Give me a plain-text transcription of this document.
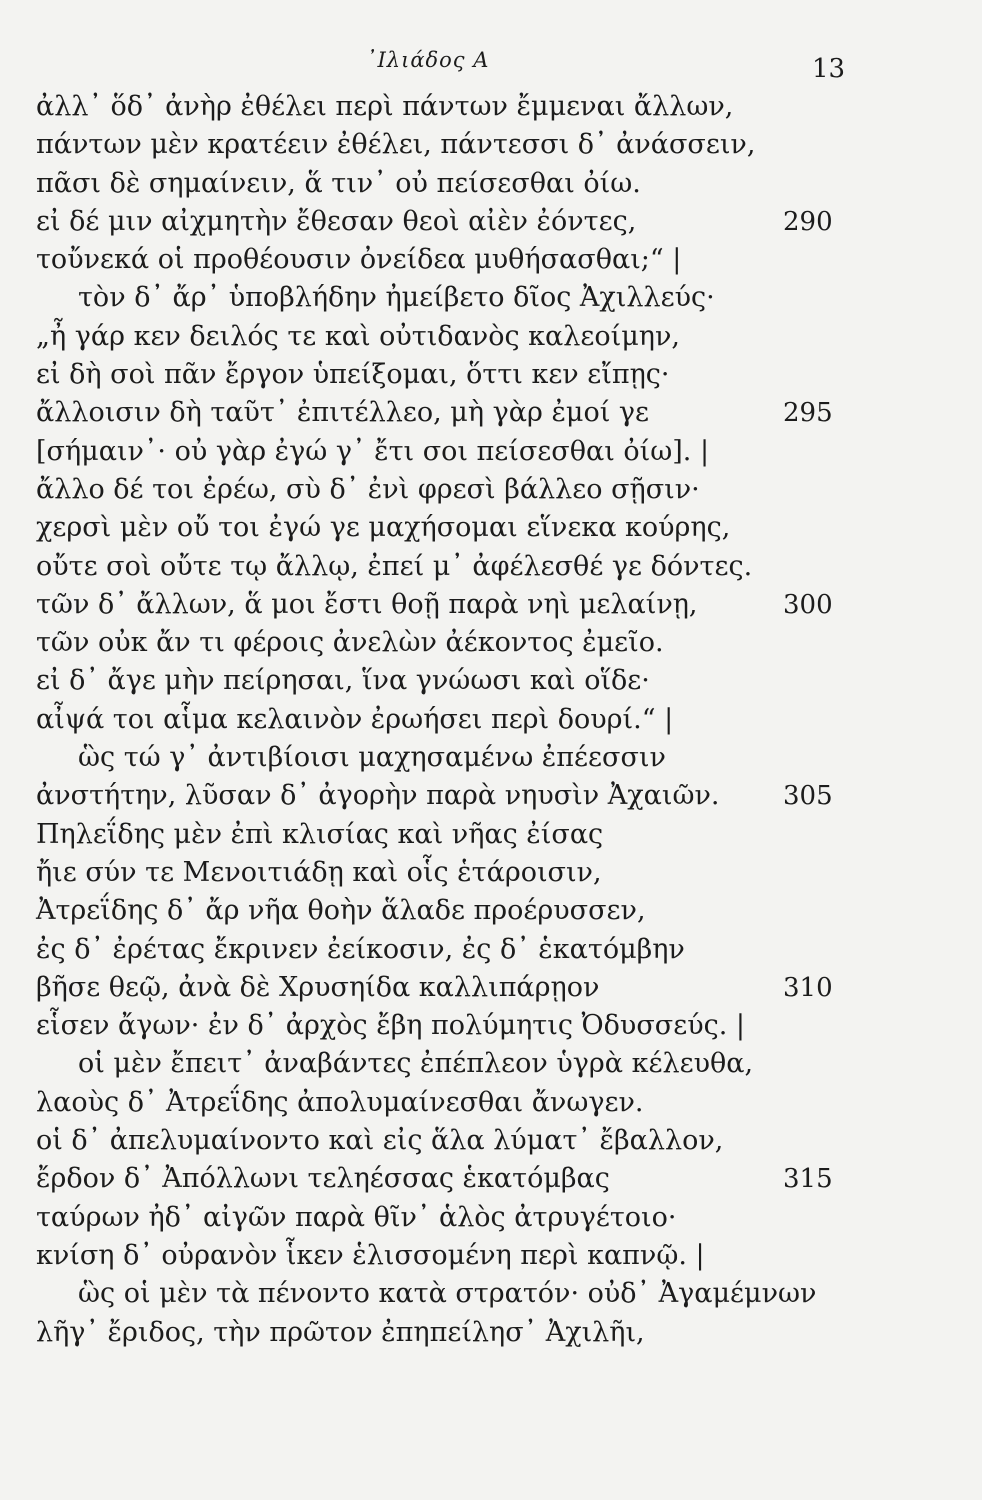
᾿Ιλιάδος Α	13
ἀλλ᾽ ὅδ᾽ ἀνὴρ ἐθέλει περὶ πάντων ἔμμεναι ἄλλων,
πάντων μὲν κρατέειν ἐθέλει, πάντεσσι δ᾽ ἀνάσσειν,
πᾶσι δὲ σημαίνειν, ἅ τιν᾽ οὐ πείσεσθαι ὀίω.
εἰ δέ μιν αἰχμητὴν ἔθεσαν θεοὶ αἰὲν ἐόντες,	290
τοὔνεκά οἱ προθέουσιν ὀνείδεα μυθήσασθαι;“ |
τὸν δ᾽ ἄρ᾽ ὑποβλήδην ἠμείβετο δῖος Ἀχιλλεύς·
„ἦ γάρ κεν δειλός τε καὶ οὐτιδανὸς καλεοίμην,
εἰ δὴ σοὶ πᾶν ἔργον ὑπείξομαι, ὅττι κεν εἴπῃς·
ἄλλοισιν δὴ ταῦτ᾽ ἐπιτέλλεο, μὴ γὰρ ἐμοί γε	295
[σήμαιν᾽· οὐ γὰρ ἐγώ γ᾽ ἔτι σοι πείσεσθαι ὀίω]. |
ἄλλο δέ τοι ἐρέω, σὺ δ᾽ ἐνὶ φρεσὶ βάλλεο σῇσιν·
χερσὶ μὲν οὔ τοι ἐγώ γε μαχήσομαι εἵνεκα κούρης,
οὔτε σοὶ οὔτε τῳ ἄλλῳ, ἐπεί μ᾽ ἀφέλεσθέ γε δόντες.
τῶν δ᾽ ἄλλων, ἅ μοι ἔστι θοῇ παρὰ νηὶ μελαίνῃ,	300
τῶν οὐκ ἄν τι φέροις ἀνελὼν ἀέκοντος ἐμεῖο.
εἰ δ᾽ ἄγε μὴν πείρησαι, ἵνα γνώωσι καὶ οἵδε·
αἶψά τοι αἷμα κελαινὸν ἐρωήσει περὶ δουρί.“ |
ὣς τώ γ᾽ ἀντιβίοισι μαχησαμένω ἐπέεσσιν
ἀνστήτην, λῦσαν δ᾽ ἀγορὴν παρὰ νηυσὶν Ἀχαιῶν. 305
Πηλεΐδης μὲν ἐπὶ κλισίας καὶ νῆας ἐίσας
ἤιε σύν τε Μενοιτιάδῃ καὶ οἷς ἑτάροισιν,
Ἀτρεΐδης δ᾽ ἄρ νῆα θοὴν ἅλαδε προέρυσσεν,
ἐς δ᾽ ἐρέτας ἔκρινεν ἐείκοσιν, ἐς δ᾽ ἑκατόμβην
βῆσε θεῷ, ἀνὰ δὲ Χρυσηίδα καλλιπάρῃον	310
εἷσεν ἄγων· ἐν δ᾽ ἀρχὸς ἔβη πολύμητις Ὀδυσσεύς. |
οἱ μὲν ἔπειτ᾽ ἀναβάντες ἐπέπλεον ὑγρὰ κέλευθα,
λαοὺς δ᾽ Ἀτρεΐδης ἀπολυμαίνεσθαι ἄνωγεν.
οἱ δ᾽ ἀπελυμαίνοντο καὶ εἰς ἅλα λύματ᾽ ἔβαλλον,
ἔρδον δ᾽ Ἀπόλλωνι τεληέσσας ἑκατόμβας	315
ταύρων ἠδ᾽ αἰγῶν παρὰ θῖν᾽ ἁλὸς ἀτρυγέτοιο·
κνίση δ᾽ οὐρανὸν ἷκεν ἑλισσομένη περὶ καπνῷ. |
ὣς οἱ μὲν τὰ πένοντο κατὰ στρατόν· οὐδ᾽ Ἀγαμέμνων
λῆγ᾽ ἔριδος, τὴν πρῶτον ἐπηπείλησ᾽ Ἀχιλῆι,
